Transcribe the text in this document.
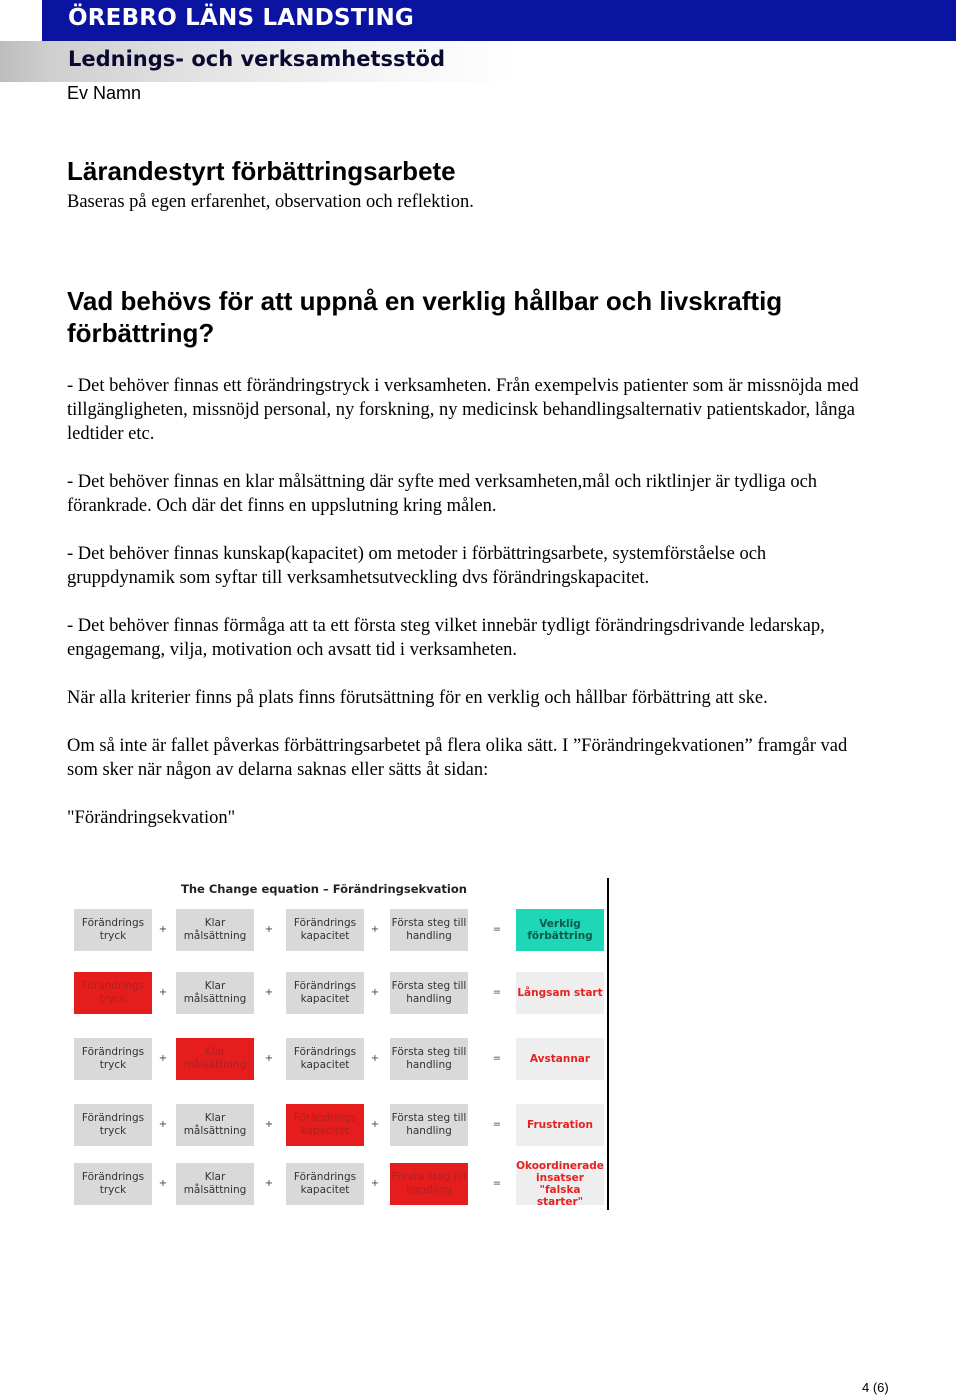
ÖREBRO LÄNS LANDSTING
Lednings- och verksamhetsstöd
Ev Namn
Lärandestyrt förbättringsarbete
Baseras på egen erfarenhet, observation och reflektion.
Vad behövs för att uppnå en verklig hållbar och livskraftig förbättring?
- Det behöver finnas ett förändringstryck i verksamheten. Från exempelvis patienter som är missnöjda med tillgängligheten, missnöjd personal, ny forskning, ny medicinsk behandlingsalternativ patientskador, långa ledtider etc.
- Det behöver finnas en klar målsättning där syfte med verksamheten,mål och riktlinjer är tydliga och förankrade. Och där det finns en uppslutning kring målen.
- Det behöver finnas kunskap(kapacitet) om metoder i förbättringsarbete, systemförståelse och gruppdynamik som syftar till verksamhetsutveckling dvs förändringskapacitet.
- Det behöver finnas förmåga att ta ett första steg vilket innebär tydligt förändringsdrivande ledarskap, engagemang, vilja, motivation och avsatt tid i verksamheten.
När alla kriterier finns på plats finns förutsättning för en verklig och hållbar förbättring att ske.
Om så inte är fallet påverkas förbättringsarbetet på flera olika sätt. I ”Förändringekvationen” framgår vad som sker när någon av delarna saknas eller sätts åt sidan:
"Förändringsekvation"
The Change equation – Förändringsekvation
Förändrings tryck
+
Klar målsättning
+
Förändrings kapacitet
+
Första steg till handling
=	Verklig förbättring
Förändrings tryck
+
Klar målsättning
+
Förändrings kapacitet
+
Första steg till handling
= Långsam start
Förändrings tryck
+
Klar målsättning
+
Förändrings kapacitet
+
Första steg till handling
=	Avstannar
Förändrings tryck
+
Klar målsättning
+
Förändrings kapacitet
+
Första steg till handling
=	Frustration
Förändrings tryck
+
Klar målsättning
+
Förändrings kapacitet
+
Första steg till handling
=
Okoordinerade insatser "falska starter"
4 (6)
